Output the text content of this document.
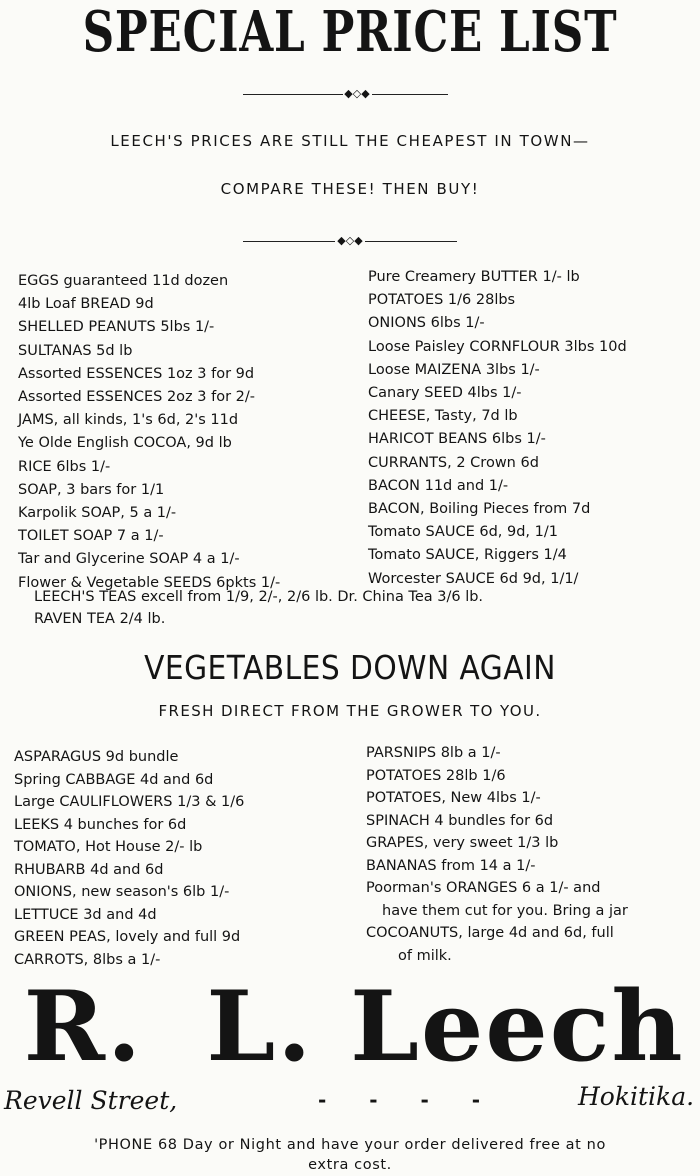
SPECIAL PRICE LIST
◆◇◆
LEECH'S PRICES ARE STILL THE CHEAPEST IN TOWN—
COMPARE THESE! THEN BUY!
◆◇◆
EGGS guaranteed 11d dozen
4lb Loaf BREAD 9d
SHELLED PEANUTS 5lbs 1/-
SULTANAS 5d lb
Assorted ESSENCES 1oz 3 for 9d
Assorted ESSENCES 2oz 3 for 2/-
JAMS, all kinds, 1's 6d, 2's 11d
Ye Olde English COCOA, 9d lb
RICE 6lbs 1/-
SOAP, 3 bars for 1/1
Karpolik SOAP, 5 a 1/-
TOILET SOAP 7 a 1/-
Tar and Glycerine SOAP 4 a 1/-
Flower & Vegetable SEEDS 6pkts 1/-
Pure Creamery BUTTER 1/- lb
POTATOES 1/6 28lbs
ONIONS 6lbs 1/-
Loose Paisley CORNFLOUR 3lbs 10d
Loose MAIZENA 3lbs 1/-
Canary SEED 4lbs 1/-
CHEESE, Tasty, 7d lb
HARICOT BEANS 6lbs 1/-
CURRANTS, 2 Crown 6d
BACON 11d and 1/-
BACON, Boiling Pieces from 7d
Tomato SAUCE 6d, 9d, 1/1
Tomato SAUCE, Riggers 1/4
Worcester SAUCE 6d 9d, 1/1/
LEECH'S TEAS excell from 1/9, 2/-, 2/6 lb. Dr. China Tea 3/6 lb.
RAVEN TEA 2/4 lb.
VEGETABLES DOWN AGAIN
FRESH DIRECT FROM THE GROWER TO YOU.
ASPARAGUS 9d bundle
Spring CABBAGE 4d and 6d
Large CAULIFLOWERS 1/3 & 1/6
LEEKS 4 bunches for 6d
TOMATO, Hot House 2/- lb
RHUBARB 4d and 6d
ONIONS, new season's 6lb 1/-
LETTUCE 3d and 4d
GREEN PEAS, lovely and full 9d
CARROTS, 8lbs a 1/-
PARSNIPS 8lb a 1/-
POTATOES 28lb 1/6
POTATOES, New 4lbs 1/-
SPINACH 4 bundles for 6d
GRAPES, very sweet 1/3 lb
BANANAS from 14 a 1/-
Poorman's ORANGES 6 a 1/- and
have them cut for you. Bring a jar
COCOANUTS, large 4d and 6d, full
of milk.
R. L. Leech
Revell Street,	- - - -	Hokitika.
'PHONE 68 Day or Night and have your order delivered free at no
extra cost.
